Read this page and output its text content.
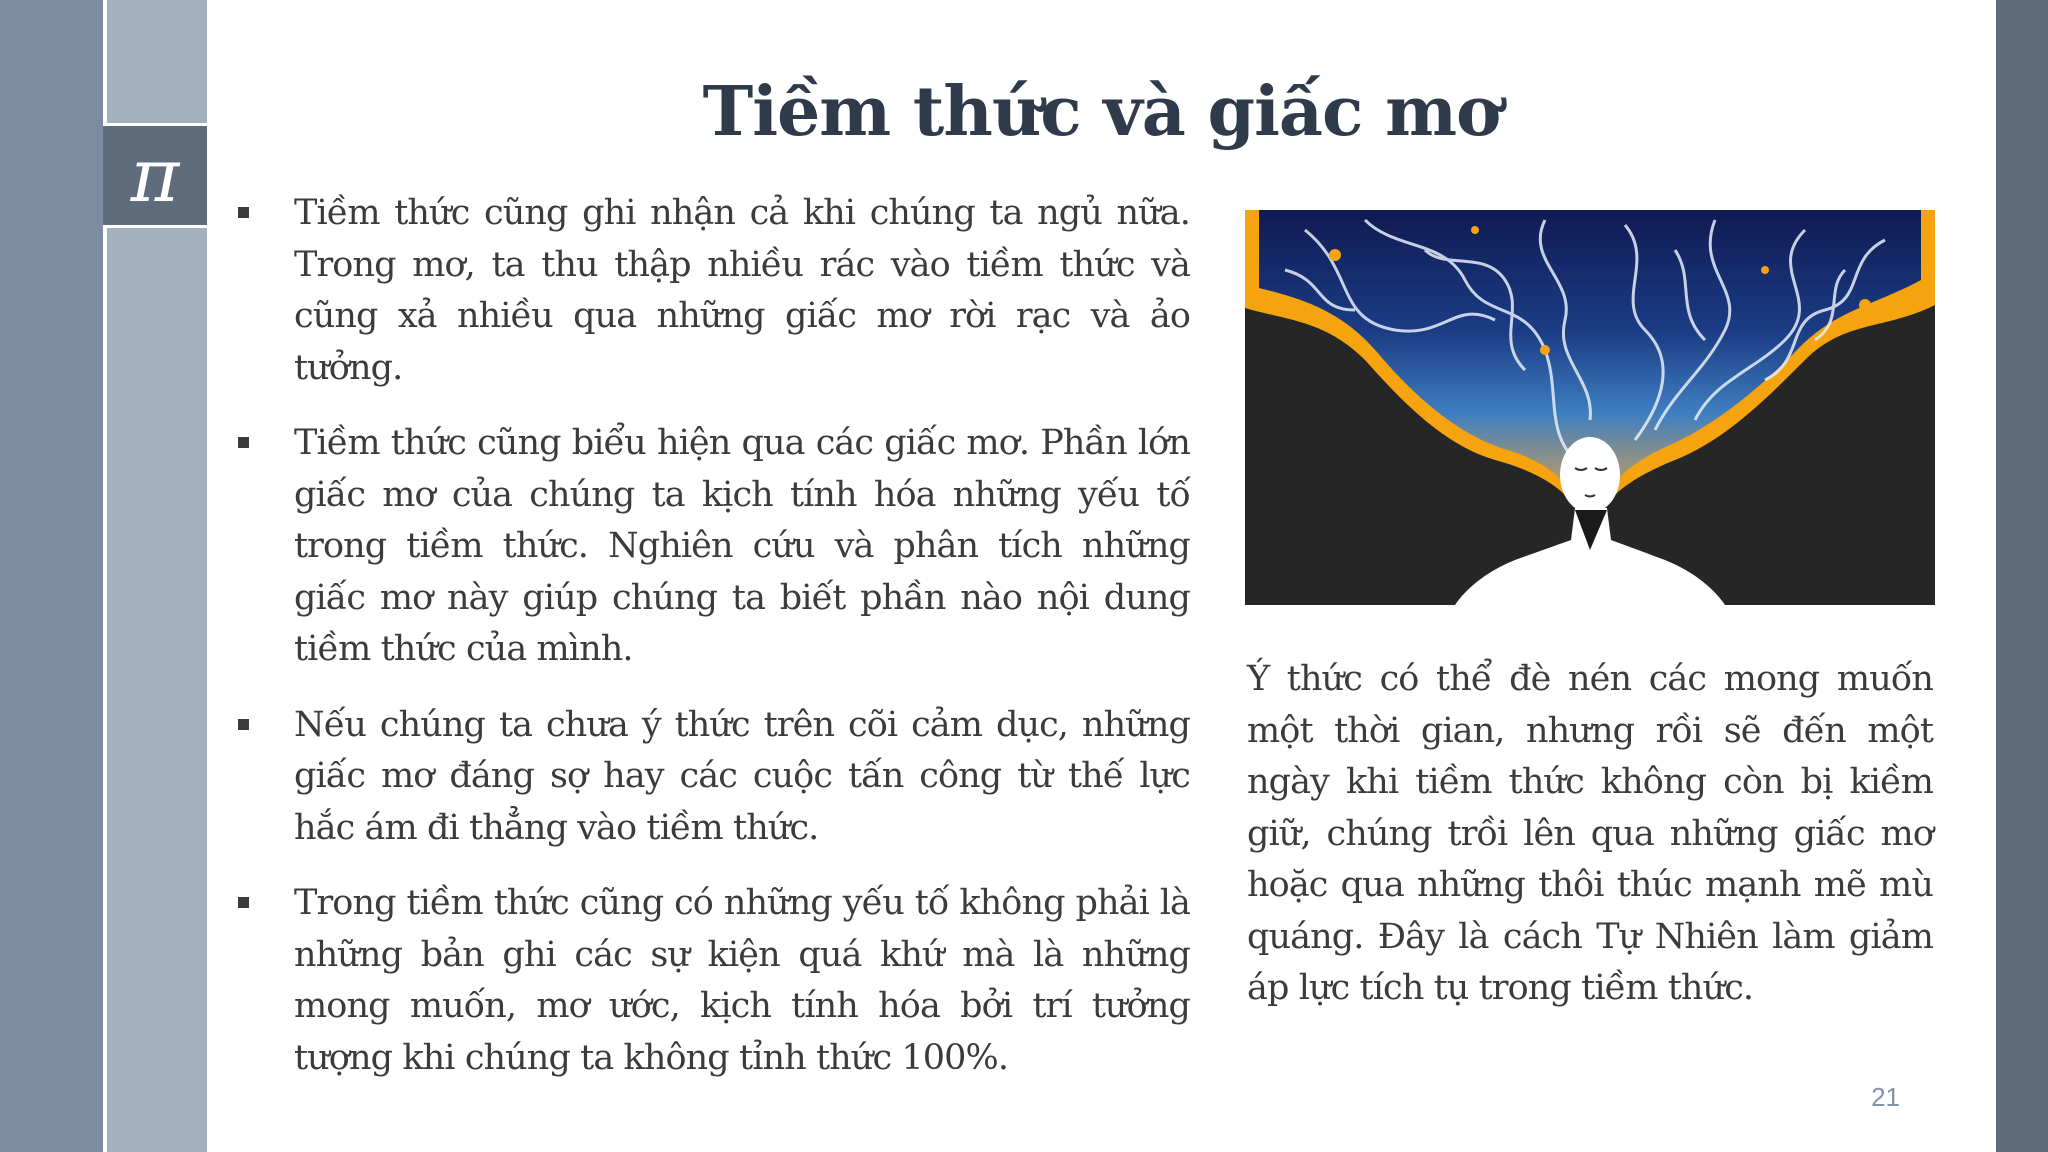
π
Tiềm thức và giấc mơ
Tiềm thức cũng ghi nhận cả khi chúng ta ngủ nữa. Trong mơ, ta thu thập nhiều rác vào tiềm thức và cũng xả nhiều qua những giấc mơ rời rạc và ảo tưởng.
Tiềm thức cũng biểu hiện qua các giấc mơ. Phần lớn giấc mơ của chúng ta kịch tính hóa những yếu tố trong tiềm thức. Nghiên cứu và phân tích những giấc mơ này giúp chúng ta biết phần nào nội dung tiềm thức của mình.
Nếu chúng ta chưa ý thức trên cõi cảm dục, những giấc mơ đáng sợ hay các cuộc tấn công từ thế lực hắc ám đi thẳng vào tiềm thức.
Trong tiềm thức cũng có những yếu tố không phải là những bản ghi các sự kiện quá khứ mà là những mong muốn, mơ ước, kịch tính hóa bởi trí tưởng tượng khi chúng ta không tỉnh thức 100%.

Ý thức có thể đè nén các mong muốn một thời gian, nhưng rồi sẽ đến một ngày khi tiềm thức không còn bị kiềm giữ, chúng trồi lên qua những giấc mơ hoặc qua những thôi thúc mạnh mẽ mù quáng. Đây là cách Tự Nhiên làm giảm áp lực tích tụ trong tiềm thức.

21
